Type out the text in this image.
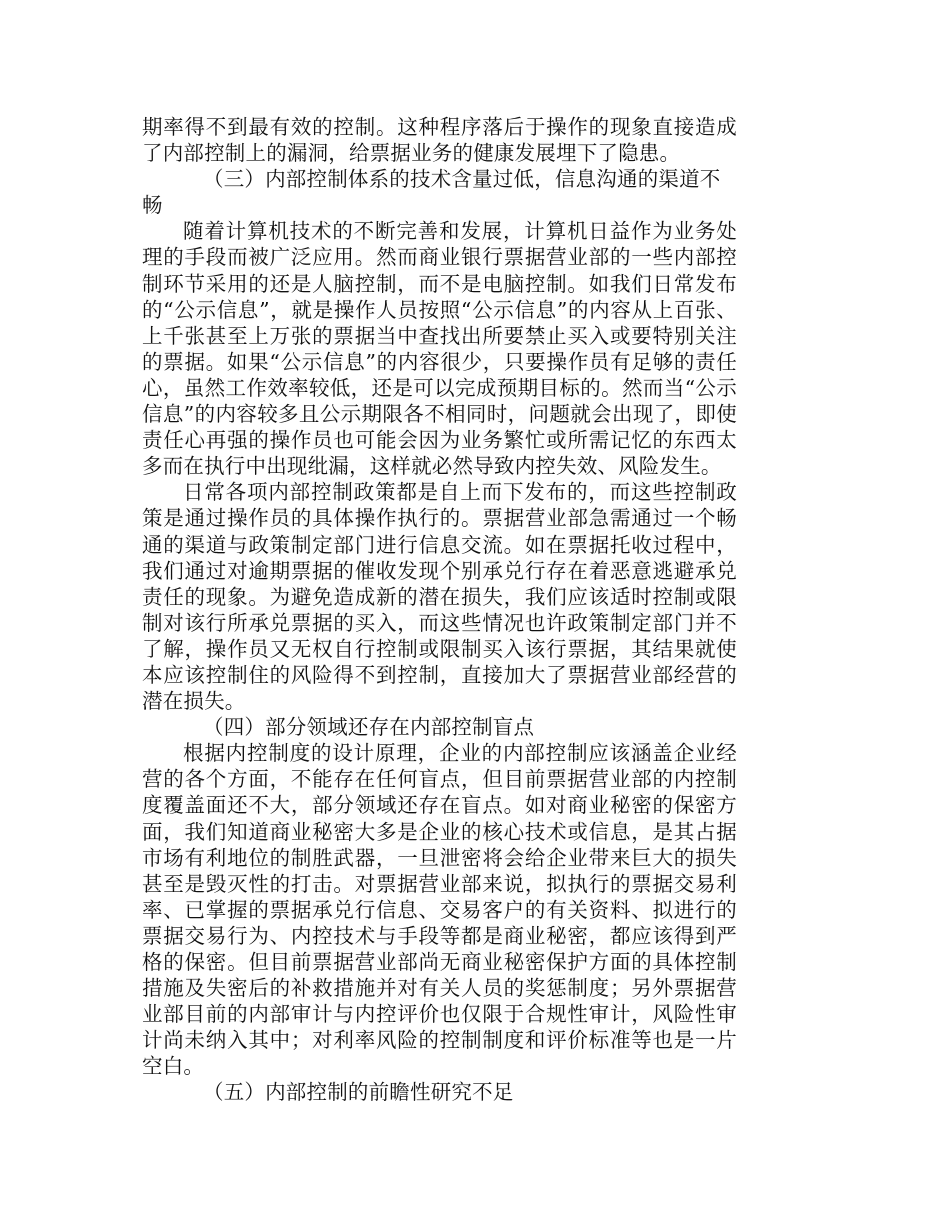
期率得不到最有效的控制。这种程序落后于操作的现象直接造成了内部控制上的漏洞，给票据业务的健康发展埋下了隐患。

（三）内部控制体系的技术含量过低，信息沟通的渠道不畅

随着计算机技术的不断完善和发展，计算机日益作为业务处理的手段而被广泛应用。然而商业银行票据营业部的一些内部控制环节采用的还是人脑控制，而不是电脑控制。如我们日常发布的“公示信息”，就是操作人员按照“公示信息”的内容从上百张、上千张甚至上万张的票据当中查找出所要禁止买入或要特别关注的票据。如果“公示信息”的内容很少，只要操作员有足够的责任心，虽然工作效率较低，还是可以完成预期目标的。然而当“公示信息”的内容较多且公示期限各不相同时，问题就会出现了，即使责任心再强的操作员也可能会因为业务繁忙或所需记忆的东西太多而在执行中出现纰漏，这样就必然导致内控失效、风险发生。

日常各项内部控制政策都是自上而下发布的，而这些控制政策是通过操作员的具体操作执行的。票据营业部急需通过一个畅通的渠道与政策制定部门进行信息交流。如在票据托收过程中，我们通过对逾期票据的催收发现个别承兑行存在着恶意逃避承兑责任的现象。为避免造成新的潜在损失，我们应该适时控制或限制对该行所承兑票据的买入，而这些情况也许政策制定部门并不了解，操作员又无权自行控制或限制买入该行票据，其结果就使本应该控制住的风险得不到控制，直接加大了票据营业部经营的潜在损失。

（四）部分领域还存在内部控制盲点

根据内控制度的设计原理，企业的内部控制应该涵盖企业经营的各个方面，不能存在任何盲点，但目前票据营业部的内控制度覆盖面还不大，部分领域还存在盲点。如对商业秘密的保密方面，我们知道商业秘密大多是企业的核心技术或信息，是其占据市场有利地位的制胜武器，一旦泄密将会给企业带来巨大的损失甚至是毁灭性的打击。对票据营业部来说，拟执行的票据交易利率、已掌握的票据承兑行信息、交易客户的有关资料、拟进行的票据交易行为、内控技术与手段等都是商业秘密，都应该得到严格的保密。但目前票据营业部尚无商业秘密保护方面的具体控制措施及失密后的补救措施并对有关人员的奖惩制度；另外票据营业部目前的内部审计与内控评价也仅限于合规性审计，风险性审计尚未纳入其中；对利率风险的控制制度和评价标准等也是一片空白。

（五）内部控制的前瞻性研究不足
